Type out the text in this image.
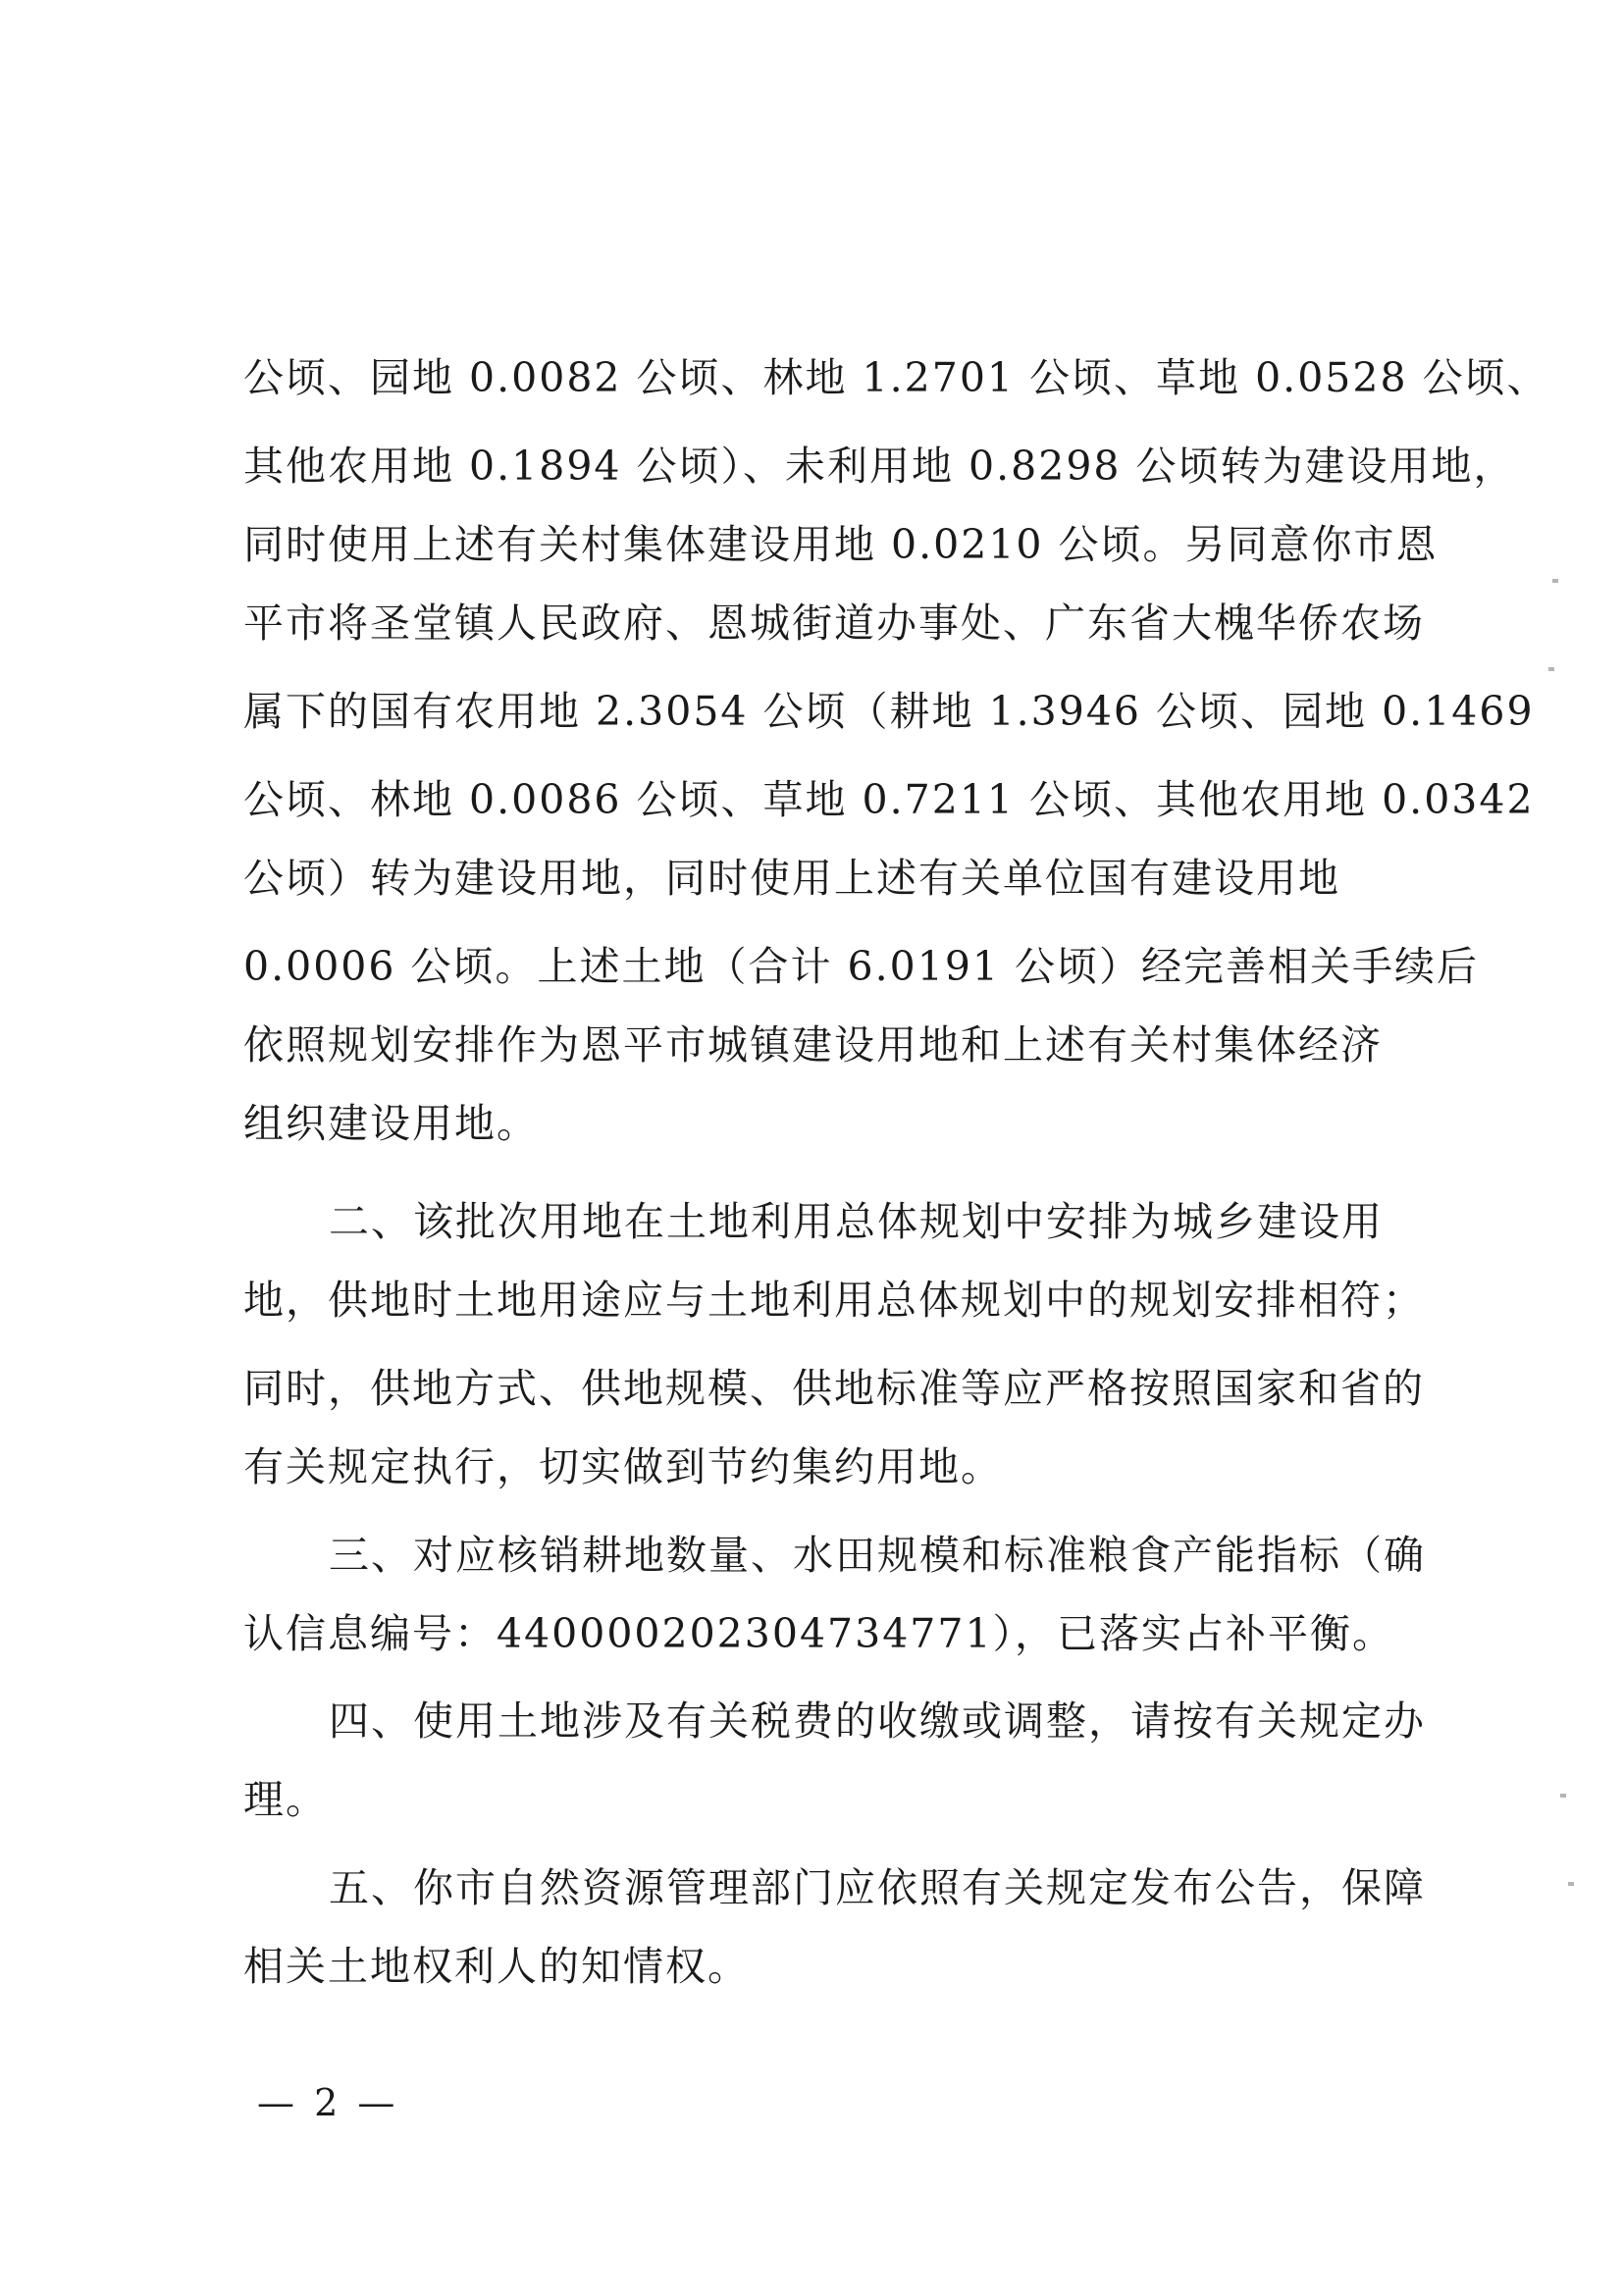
公顷、园地 0.0082 公顷、林地 1.2701 公顷、草地 0.0528 公顷、
其他农用地 0.1894 公顷）、未利用地 0.8298 公顷转为建设用地，
同时使用上述有关村集体建设用地 0.0210 公顷。另同意你市恩
平市将圣堂镇人民政府、恩城街道办事处、广东省大槐华侨农场
属下的国有农用地 2.3054 公顷（耕地 1.3946 公顷、园地 0.1469
公顷、林地 0.0086 公顷、草地 0.7211 公顷、其他农用地 0.0342
公顷）转为建设用地，同时使用上述有关单位国有建设用地
0.0006 公顷。上述土地（合计 6.0191 公顷）经完善相关手续后
依照规划安排作为恩平市城镇建设用地和上述有关村集体经济
组织建设用地。
二、该批次用地在土地利用总体规划中安排为城乡建设用
地，供地时土地用途应与土地利用总体规划中的规划安排相符；
同时，供地方式、供地规模、供地标准等应严格按照国家和省的
有关规定执行，切实做到节约集约用地。
三、对应核销耕地数量、水田规模和标准粮食产能指标（确
认信息编号：440000202304734771），已落实占补平衡。
四、使用土地涉及有关税费的收缴或调整，请按有关规定办
理。
五、你市自然资源管理部门应依照有关规定发布公告，保障
相关土地权利人的知情权。
— 2 —
